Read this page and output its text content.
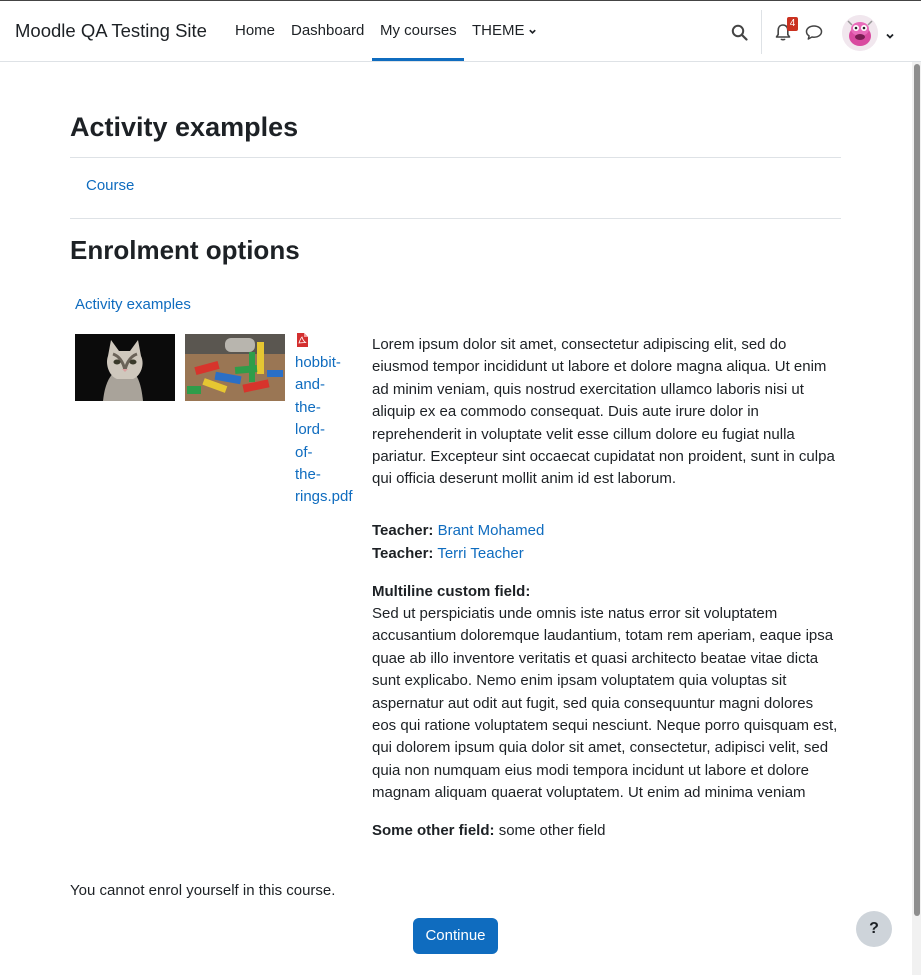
Moodle QA Testing Site Home Dashboard My courses THEME	4
Activity examples
Course
Enrolment options
Activity examples
hobbit-
and-
the-
lord-
of-
the-
rings.pdf
Lorem ipsum dolor sit amet, consectetur adipiscing elit, sed do eiusmod tempor incididunt ut labore et dolore magna aliqua. Ut enim ad minim veniam, quis nostrud exercitation ullamco laboris nisi ut aliquip ex ea commodo consequat. Duis aute irure dolor in reprehenderit in voluptate velit esse cillum dolore eu fugiat nulla pariatur. Excepteur sint occaecat cupidatat non proident, sunt in culpa qui officia deserunt mollit anim id est laborum.
Teacher: Brant Mohamed
Teacher: Terri Teacher
Multiline custom field:
Sed ut perspiciatis unde omnis iste natus error sit voluptatem accusantium doloremque laudantium, totam rem aperiam, eaque ipsa quae ab illo inventore veritatis et quasi architecto beatae vitae dicta sunt explicabo. Nemo enim ipsam voluptatem quia voluptas sit aspernatur aut odit aut fugit, sed quia consequuntur magni dolores eos qui ratione voluptatem sequi nesciunt. Neque porro quisquam est, qui dolorem ipsum quia dolor sit amet, consectetur, adipisci velit, sed quia non numquam eius modi tempora incidunt ut labore et dolore magnam aliquam quaerat voluptatem. Ut enim ad minima veniam
Some other field: some other field
You cannot enrol yourself in this course.
Continue	?
